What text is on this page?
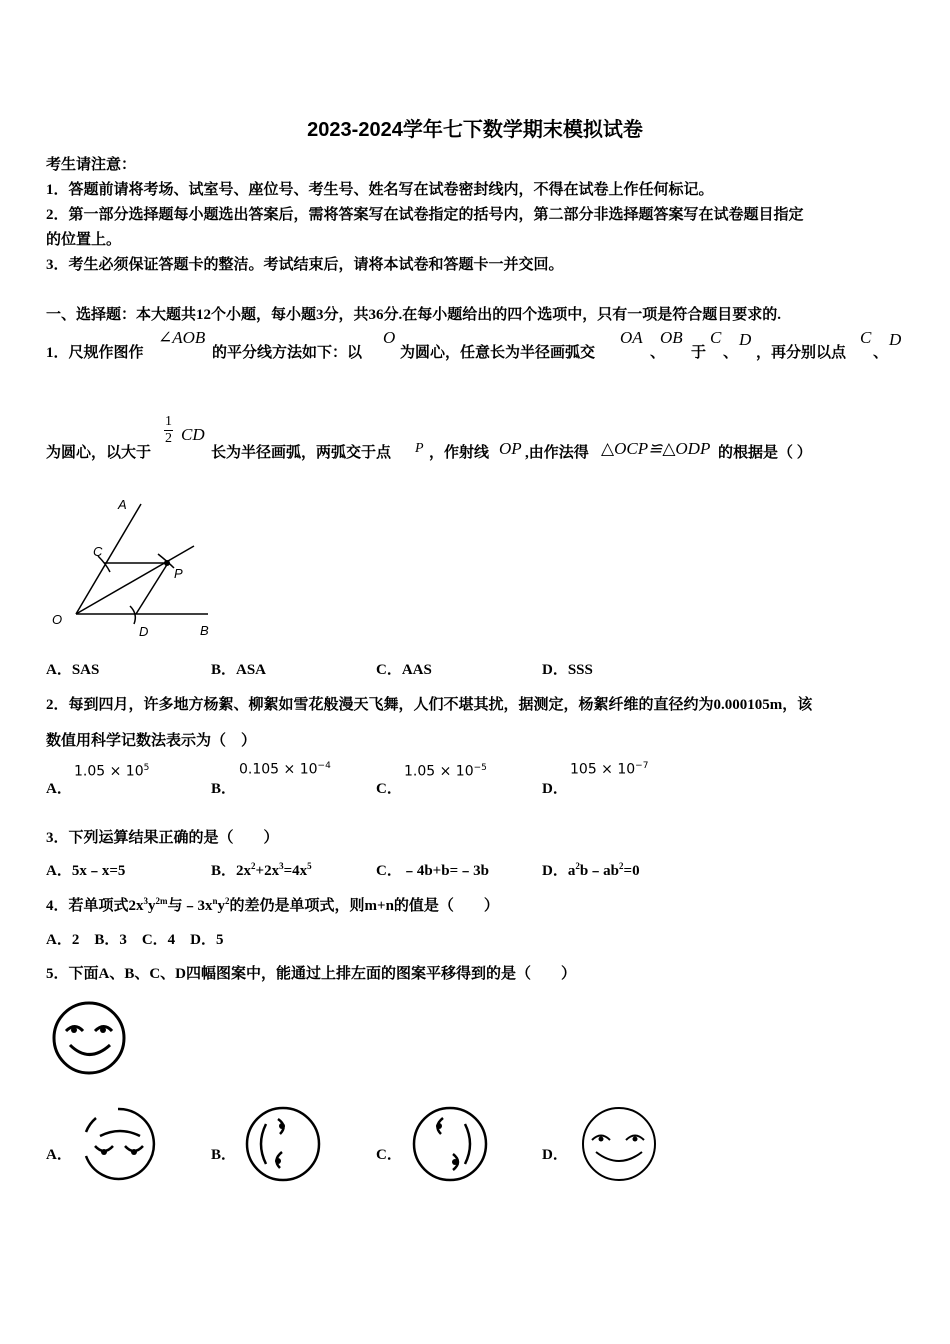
2023-2024学年七下数学期末模拟试卷
考生请注意：
1．答题前请将考场、试室号、座位号、考生号、姓名写在试卷密封线内，不得在试卷上作任何标记。
2．第一部分选择题每小题选出答案后，需将答案写在试卷指定的括号内，第二部分非选择题答案写在试卷题目指定
的位置上。
3．考生必须保证答题卡的整洁。考试结束后，请将本试卷和答题卡一并交回。
一、选择题：本大题共12个小题，每小题3分，共36分.在每小题给出的四个选项中，只有一项是符合题目要求的.
1．尺规作图作
∠AOB
的平分线方法如下：以
O
为圆心，任意长为半径画弧交
OA
、
OB
于
C
、
D
，再分别以点
C
、
D
为圆心，以大于
$\frac{1}{2}$ CD
长为半径画弧，两弧交于点 P ，作射线 OP ,由作法得 △OCP≌△ODP 的根据是（ ）
A
C
P
O
D	B
A．SAS	B．ASA	C．AAS	D．SSS
2．每到四月，许多地方杨絮、柳絮如雪花般漫天飞舞，人们不堪其扰，据测定，杨絮纤维的直径约为0.000105m，该
数值用科学记数法表示为（　）
A．
$1.05 \times 10^5$
B．
$0.105 \times 10^{-4}$
C．
$1.05 \times 10^{-5}$
D．
$105 \times 10^{-7}$
3．下列运算结果正确的是（　　）
A．5x﹣x=5	B．$2x^2+2x^3=4x^5$	C．﹣4b+b=﹣3b	D．$a^2b﹣ab^2=0$
4．若单项式$2x^3y^{2m}$与$﹣3x^ny^2$的差仍是单项式，则m+n的值是（　　）
A．2　B．3　C．4　D．5
5．下面A、B、C、D四幅图案中，能通过上排左面的图案平移得到的是（　　）
A．	B．	C．	D．
